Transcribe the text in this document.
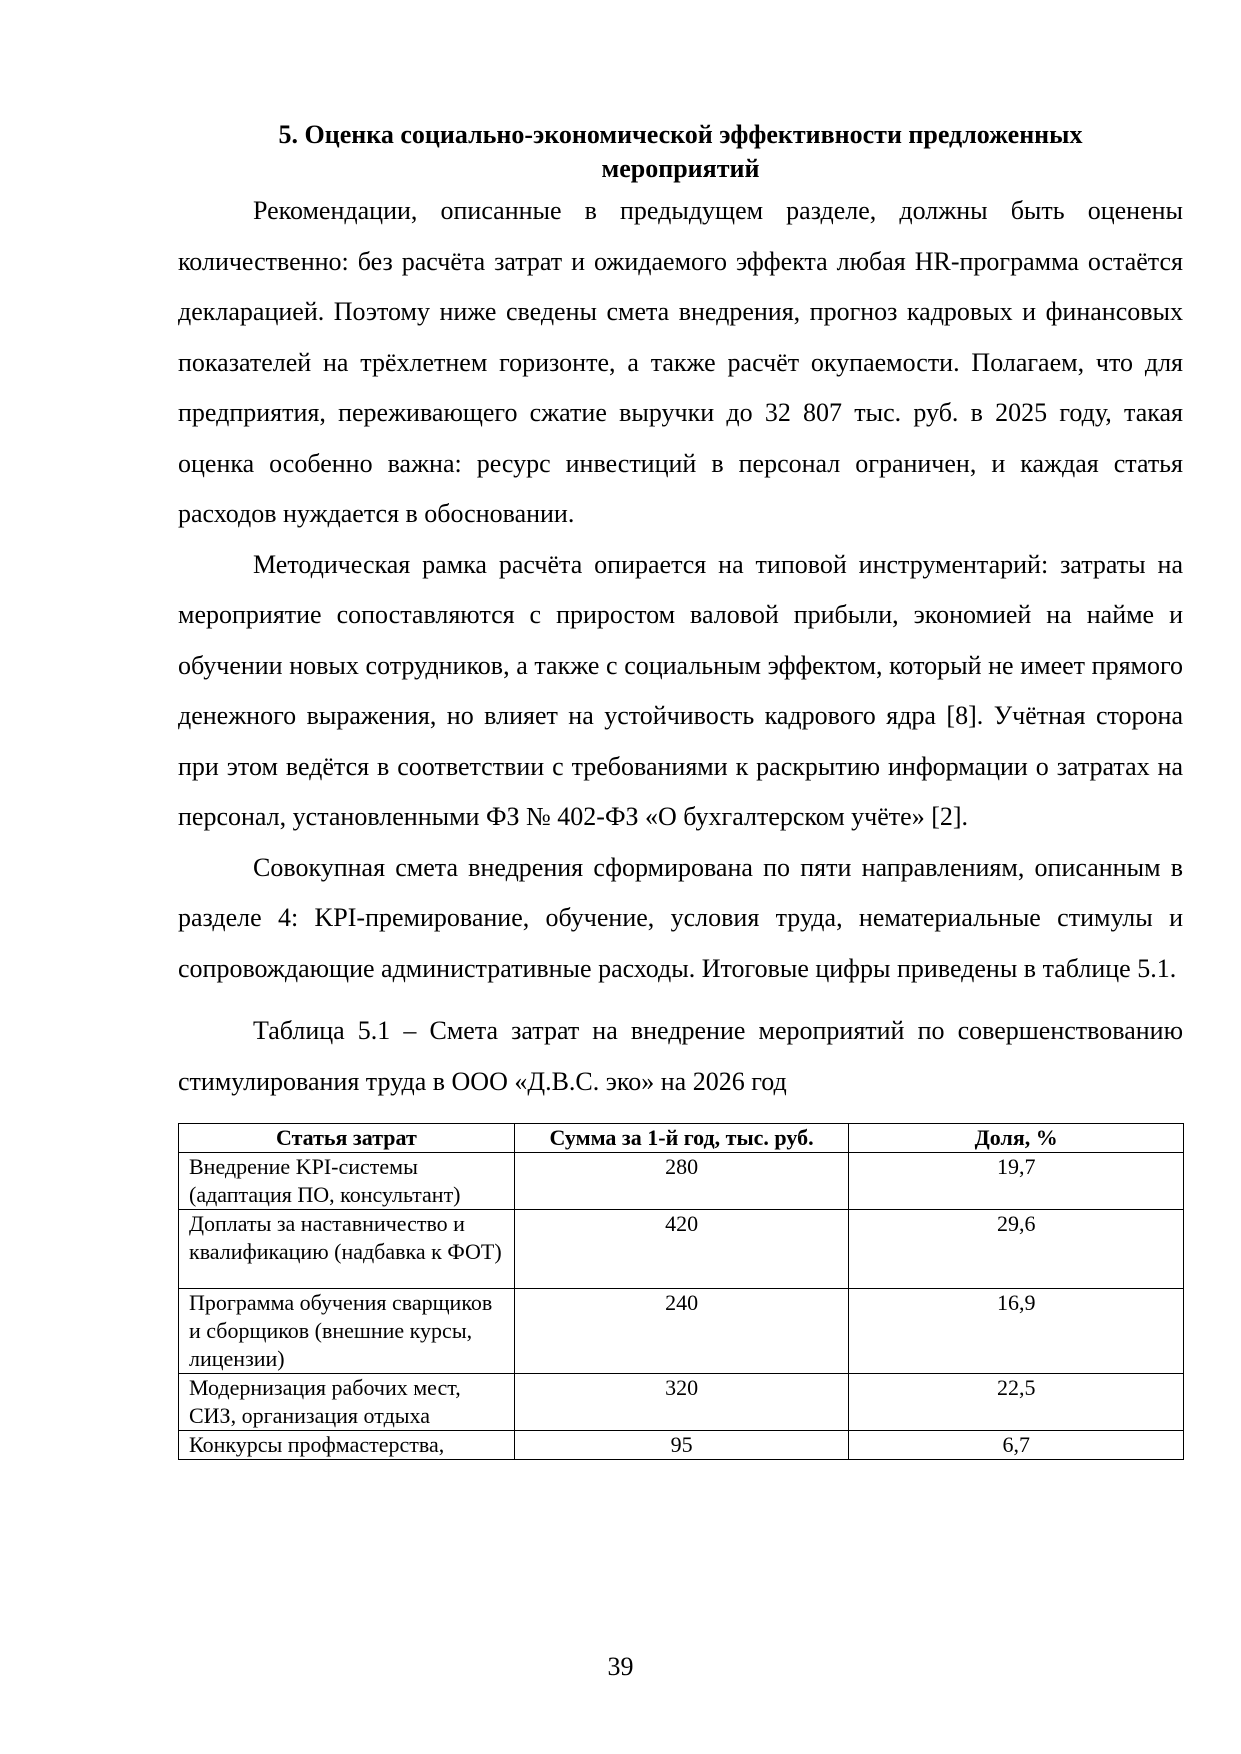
5. Оценка социально-экономической эффективности предложенных мероприятий

Рекомендации, описанные в предыдущем разделе, должны быть оценены количественно: без расчёта затрат и ожидаемого эффекта любая HR-программа остаётся декларацией. Поэтому ниже сведены смета внедрения, прогноз кадровых и финансовых показателей на трёхлетнем горизонте, а также расчёт окупаемости. Полагаем, что для предприятия, переживающего сжатие выручки до 32 807 тыс. руб. в 2025 году, такая оценка особенно важна: ресурс инвестиций в персонал ограничен, и каждая статья расходов нуждается в обосновании.

Методическая рамка расчёта опирается на типовой инструментарий: затраты на мероприятие сопоставляются с приростом валовой прибыли, экономией на найме и обучении новых сотрудников, а также с социальным эффектом, который не имеет прямого денежного выражения, но влияет на устойчивость кадрового ядра [8]. Учётная сторона при этом ведётся в соответствии с требованиями к раскрытию информации о затратах на персонал, установленными ФЗ № 402-ФЗ «О бухгалтерском учёте» [2].

Совокупная смета внедрения сформирована по пяти направлениям, описанным в разделе 4: KPI-премирование, обучение, условия труда, нематериальные стимулы и сопровождающие административные расходы. Итоговые цифры приведены в таблице 5.1.

Таблица 5.1 – Смета затрат на внедрение мероприятий по совершенствованию стимулирования труда в ООО «Д.В.С. эко» на 2026 год

Статья затрат	Сумма за 1-й год, тыс. руб.	Доля, %
Внедрение KPI-системы (адаптация ПО, консультант)	280	19,7
Доплаты за наставничество и квалификацию (надбавка к ФОТ)	420	29,6
Программа обучения сварщиков и сборщиков (внешние курсы, лицензии)	240	16,9
Модернизация рабочих мест, СИЗ, организация отдыха	320	22,5
Конкурсы профмастерства,	95	6,7
39
